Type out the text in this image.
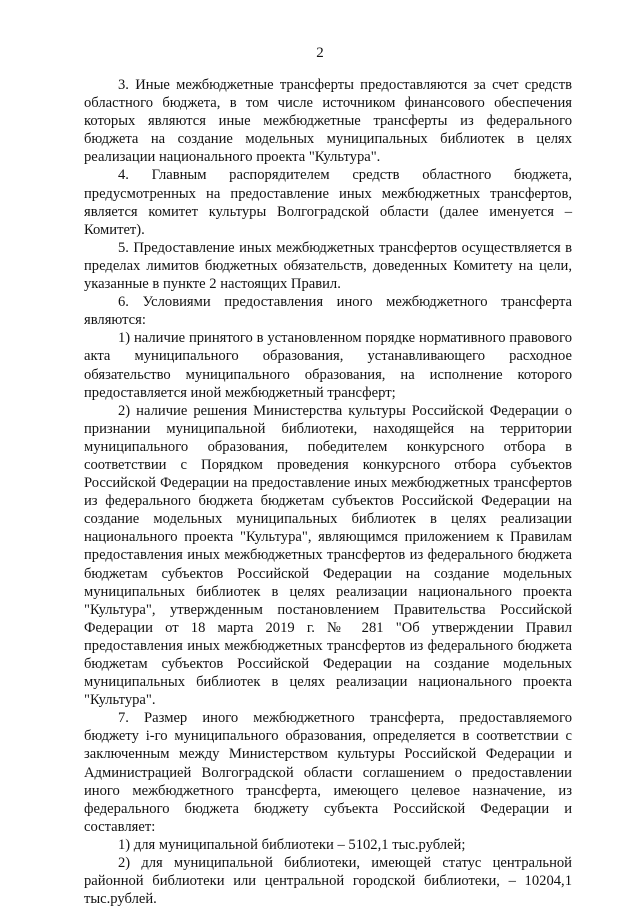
2

3. Иные межбюджетные трансферты предоставляются за счет средств областного бюджета, в том числе источником финансового обеспечения которых являются иные межбюджетные трансферты из федерального бюджета на создание модельных муниципальных библиотек в целях реализации национального проекта "Культура".

4. Главным распорядителем средств областного бюджета, предусмотренных на предоставление иных межбюджетных трансфертов, является комитет культуры Волгоградской области (далее именуется – Комитет).

5. Предоставление иных межбюджетных трансфертов осуществляется в пределах лимитов бюджетных обязательств, доведенных Комитету на цели, указанные в пункте 2 настоящих Правил.

6. Условиями предоставления иного межбюджетного трансферта являются:

1) наличие принятого в установленном порядке нормативного правового акта муниципального образования, устанавливающего расходное обязательство муниципального образования, на исполнение которого предоставляется иной межбюджетный трансферт;

2) наличие решения Министерства культуры Российской Федерации о признании муниципальной библиотеки, находящейся на территории муниципального образования, победителем конкурсного отбора в соответствии с Порядком проведения конкурсного отбора субъектов Российской Федерации на предоставление иных межбюджетных трансфертов из федерального бюджета бюджетам субъектов Российской Федерации на создание модельных муниципальных библиотек в целях реализации национального проекта "Культура", являющимся приложением к Правилам предоставления иных межбюджетных трансфертов из федерального бюджета бюджетам субъектов Российской Федерации на создание модельных муниципальных библиотек в целях реализации национального проекта "Культура", утвержденным постановлением Правительства Российской Федерации от 18 марта 2019 г. № 281 "Об утверждении Правил предоставления иных межбюджетных трансфертов из федерального бюджета бюджетам субъектов Российской Федерации на создание модельных муниципальных библиотек в целях реализации национального проекта "Культура".

7. Размер иного межбюджетного трансферта, предоставляемого бюджету i-го муниципального образования, определяется в соответствии с заключенным между Министерством культуры Российской Федерации и Администрацией Волгоградской области соглашением о предоставлении иного межбюджетного трансферта, имеющего целевое назначение, из федерального бюджета бюджету субъекта Российской Федерации и составляет:

1) для муниципальной библиотеки – 5102,1 тыс.рублей;

2) для муниципальной библиотеки, имеющей статус центральной районной библиотеки или центральной городской библиотеки, – 10204,1 тыс.рублей.
